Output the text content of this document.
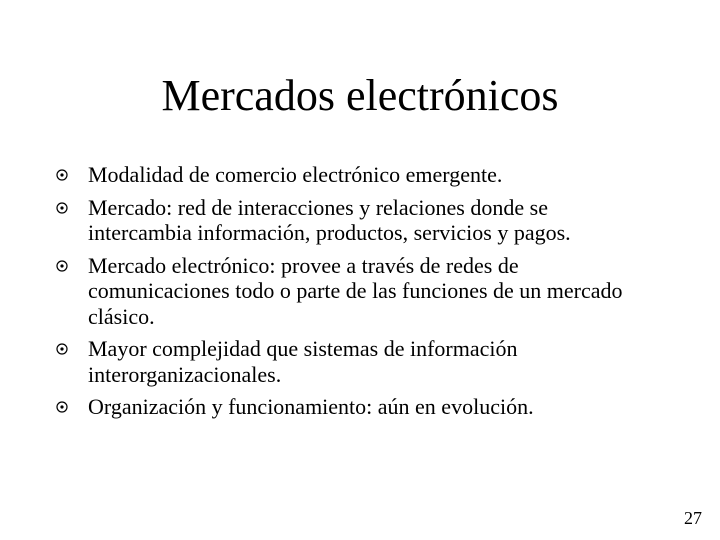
Mercados electrónicos
Modalidad de comercio electrónico emergente.
Mercado: red de interacciones y relaciones donde se intercambia información, productos, servicios y pagos.
Mercado electrónico: provee a través de redes de comunicaciones todo o parte de las funciones de un mercado clásico.
Mayor complejidad que sistemas de información interorganizacionales.
Organización y funcionamiento: aún en evolución.
27
